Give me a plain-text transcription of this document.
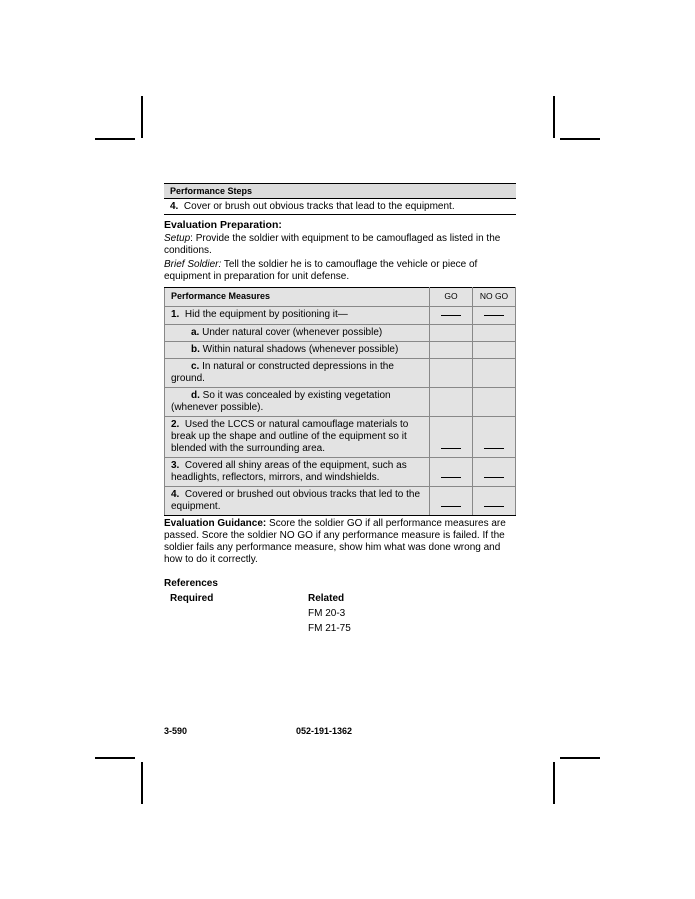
Performance Steps
4. Cover or brush out obvious tracks that lead to the equipment.
Evaluation Preparation:
Setup: Provide the soldier with equipment to be camouflaged as listed in the conditions.
Brief Soldier: Tell the soldier he is to camouflage the vehicle or piece of equipment in preparation for unit defense.
Performance Measures	GO	NO GO
1. Hid the equipment by positioning it—		
a. Under natural cover (whenever possible)		
b. Within natural shadows (whenever possible)		
c. In natural or constructed depressions in the ground.		
d. So it was concealed by existing vegetation (whenever possible).		
2. Used the LCCS or natural camouflage materials to break up the shape and outline of the equipment so it blended with the surrounding area.		
3. Covered all shiny areas of the equipment, such as headlights, reflectors, mirrors, and windshields.		
4. Covered or brushed out obvious tracks that led to the equipment.		
Evaluation Guidance: Score the soldier GO if all performance measures are passed. Score the soldier NO GO if any performance measure is failed. If the soldier fails any performance measure, show him what was done wrong and how to do it correctly.
References
Required	Related
FM 20-3
FM 21-75
3-590	052-191-1362
